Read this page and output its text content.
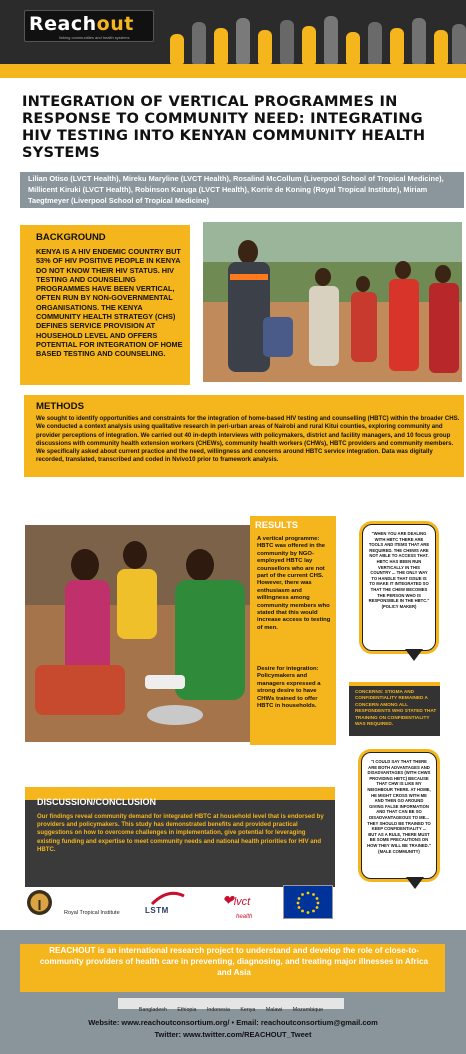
Reachout
linking communities and health systems
INTEGRATION OF VERTICAL PROGRAMMES IN RESPONSE TO COMMUNITY NEED: INTEGRATING HIV TESTING INTO KENYAN COMMUNITY HEALTH SYSTEMS
Lilian Otiso (LVCT Health), Mireku Maryline (LVCT Health), Rosalind McCollum (Liverpool School of Tropical Medicine), Millicent Kiruki (LVCT Health), Robinson Karuga (LVCT Health), Korrie de Koning (Royal Tropical Institute), Miriam Taegtmeyer (Liverpool School of Tropical Medicine)
BACKGROUND

KENYA IS A HIV ENDEMIC COUNTRY BUT 53% OF HIV POSITIVE PEOPLE IN KENYA DO NOT KNOW THEIR HIV STATUS. HIV TESTING AND COUNSELING PROGRAMMES HAVE BEEN VERTICAL, OFTEN RUN BY NON-GOVERNMENTAL ORGANISATIONS. THE KENYA COMMUNITY HEALTH STRATEGY (CHS) DEFINES SERVICE PROVISION AT HOUSEHOLD LEVEL AND OFFERS POTENTIAL FOR INTEGRATION OF HOME BASED TESTING AND COUNSELING.

METHODS

We sought to identify opportunities and constraints for the integration of home-based HIV testing and counselling (HBTC) within the broader CHS. We conducted a context analysis using qualitative research in peri-urban areas of Nairobi and rural Kitui counties, exploring community and provider perceptions of integration. We carried out 40 in-depth interviews with policymakers, district and facility managers, and 10 focus group discussions with community health extension workers (CHEWs), community health workers (CHWs), HBTC providers and community members. We specifically asked about current practice and the need, willingness and concerns around HBTC service integration. Data was digitally recorded, translated, transcribed and coded in Nvivo10 prior to framework analysis.

RESULTS

A vertical programme: HBTC was offered in the community by NGO-employed HBTC lay counsellors who are not part of the current CHS. However, there was enthusiasm and willingness among community members who stated that this would increase access to testing of men.

Desire for integration: Policymakers and managers expressed a strong desire to have CHWs trained to offer HBTC in households.

"WHEN YOU ARE DEALING WITH HBTC THERE ARE TOOLS AND ITEMS THAT ARE REQUIRED. THE CHEWS ARE NOT ABLE TO ACCESS THAT. HBTC HAS BEEN RUN VERTICALLY IN THIS COUNTRY ... THE ONLY WAY TO HANDLE THAT ISSUE IS TO MAKE IT INTEGRATED SO THAT THE CHEW BECOMES THE PERSON WHO IS RESPONSIBLE IN THE HBTC." (POLICY MAKER)

CONCERNS: STIGMA AND CONFIDENTIALITY REMAINED A CONCERN AMONG ALL RESPONDENTS WHO STATED THAT TRAINING ON CONFIDENTIALITY WAS REQUIRED.

"I COULD SAY THAT THERE ARE BOTH ADVANTAGES AND DISADVANTAGES (WITH CHWS PROVIDING HBTC) BECAUSE THAT CHW IS LIKE MY NEIGHBOUR THERE. AT HOME, HE MIGHT CROSS WITH ME AND THEN GO AROUND GIVING FALSE INFORMATION AND THAT CAN BE SO DISADVANTAGEOUS TO ME... THEY SHOULD BE TRAINED TO KEEP CONFIDENTIALITY ... BUT AS A RULE, THERE MUST BE SOME PRECAUTIONS ON HOW THEY WILL BE TRAINED." (MALE COMMUNITY)

DISCUSSION/CONCLUSION

Our findings reveal community demand for integrated HBTC at household level that is endorsed by providers and policymakers. This study has demonstrated benefits and provided practical suggestions on how to overcome challenges in implementation, give potential for leveraging existing funding and expertise to meet community needs and national health priorities for HIV and HBTC.

Royal Tropical Institute	LSTM
❤lvct
health

REACHOUT is an international research project to understand and develop the role of close-to-community providers of health care in preventing, diagnosing, and treating major illnesses in Africa and Asia

Bangladesh Ethiopia Indonesia Kenya Malawi Mozambique
Website: www.reachoutconsortium.org/ • Email: reachoutconsortium@gmail.com
Twitter: www.twitter.com/REACHOUT_Tweet
